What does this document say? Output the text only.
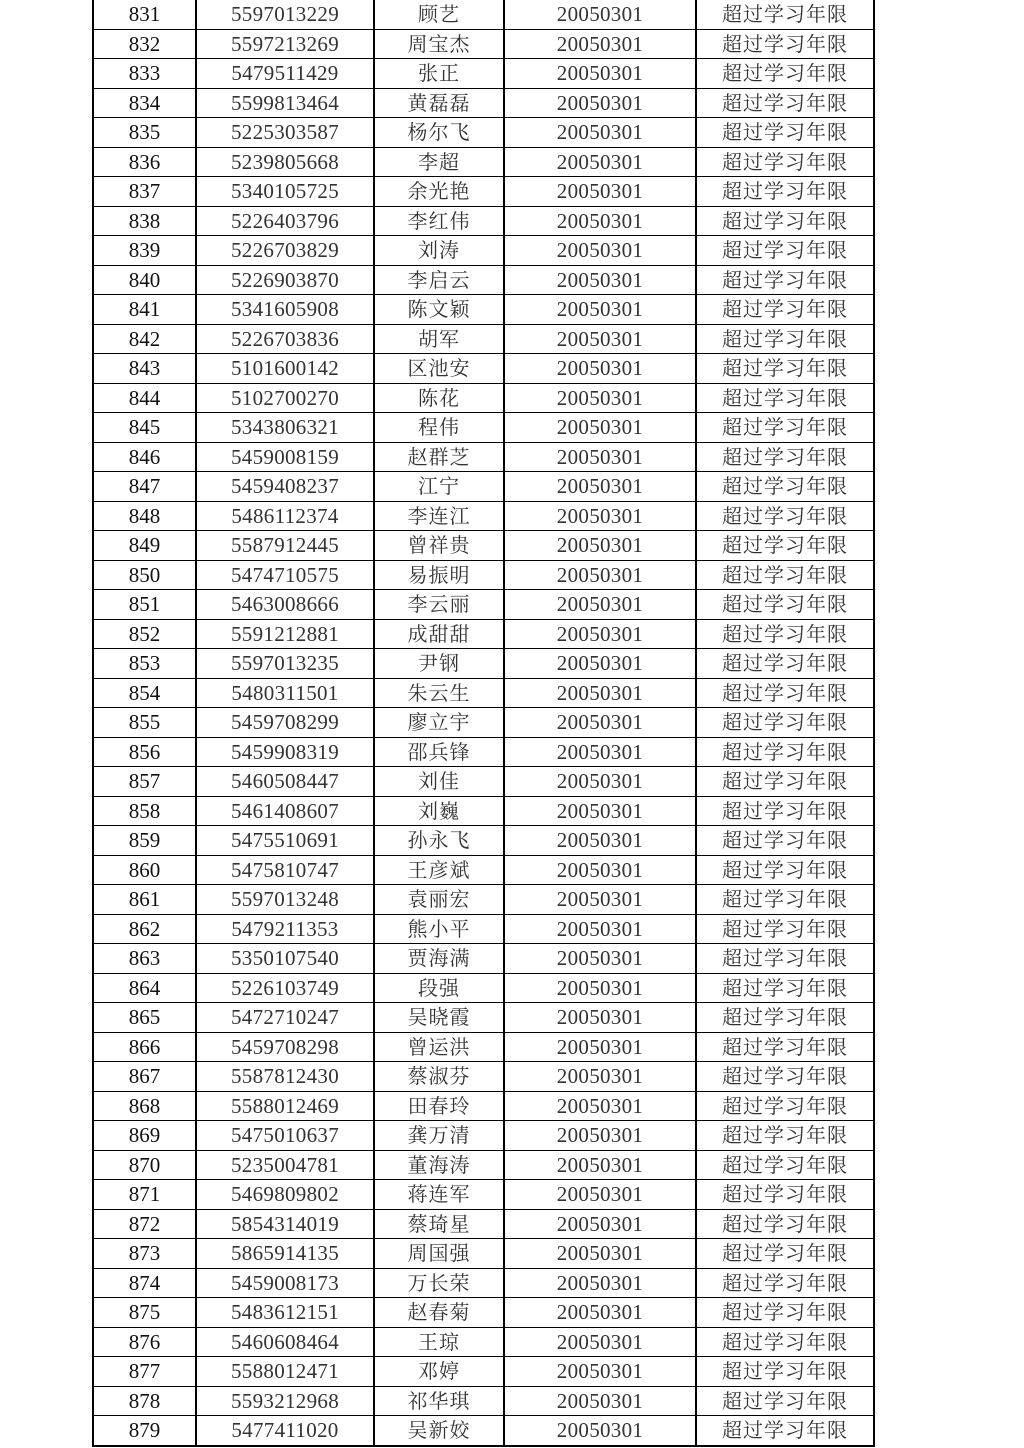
831	5597013229	顾艺	20050301	超过学习年限
832	5597213269	周宝杰	20050301	超过学习年限
833	5479511429	张正	20050301	超过学习年限
834	5599813464	黄磊磊	20050301	超过学习年限
835	5225303587	杨尔飞	20050301	超过学习年限
836	5239805668	李超	20050301	超过学习年限
837	5340105725	余光艳	20050301	超过学习年限
838	5226403796	李红伟	20050301	超过学习年限
839	5226703829	刘涛	20050301	超过学习年限
840	5226903870	李启云	20050301	超过学习年限
841	5341605908	陈文颖	20050301	超过学习年限
842	5226703836	胡军	20050301	超过学习年限
843	5101600142	区池安	20050301	超过学习年限
844	5102700270	陈花	20050301	超过学习年限
845	5343806321	程伟	20050301	超过学习年限
846	5459008159	赵群芝	20050301	超过学习年限
847	5459408237	江宁	20050301	超过学习年限
848	5486112374	李连江	20050301	超过学习年限
849	5587912445	曾祥贵	20050301	超过学习年限
850	5474710575	易振明	20050301	超过学习年限
851	5463008666	李云丽	20050301	超过学习年限
852	5591212881	成甜甜	20050301	超过学习年限
853	5597013235	尹钢	20050301	超过学习年限
854	5480311501	朱云生	20050301	超过学习年限
855	5459708299	廖立宇	20050301	超过学习年限
856	5459908319	邵兵锋	20050301	超过学习年限
857	5460508447	刘佳	20050301	超过学习年限
858	5461408607	刘巍	20050301	超过学习年限
859	5475510691	孙永飞	20050301	超过学习年限
860	5475810747	王彦斌	20050301	超过学习年限
861	5597013248	袁丽宏	20050301	超过学习年限
862	5479211353	熊小平	20050301	超过学习年限
863	5350107540	贾海满	20050301	超过学习年限
864	5226103749	段强	20050301	超过学习年限
865	5472710247	吴晓霞	20050301	超过学习年限
866	5459708298	曾运洪	20050301	超过学习年限
867	5587812430	蔡淑芬	20050301	超过学习年限
868	5588012469	田春玲	20050301	超过学习年限
869	5475010637	龚万清	20050301	超过学习年限
870	5235004781	董海涛	20050301	超过学习年限
871	5469809802	蒋连军	20050301	超过学习年限
872	5854314019	蔡琦星	20050301	超过学习年限
873	5865914135	周国强	20050301	超过学习年限
874	5459008173	万长荣	20050301	超过学习年限
875	5483612151	赵春菊	20050301	超过学习年限
876	5460608464	王琼	20050301	超过学习年限
877	5588012471	邓婷	20050301	超过学习年限
878	5593212968	祁华琪	20050301	超过学习年限
879	5477411020	吴新姣	20050301	超过学习年限
